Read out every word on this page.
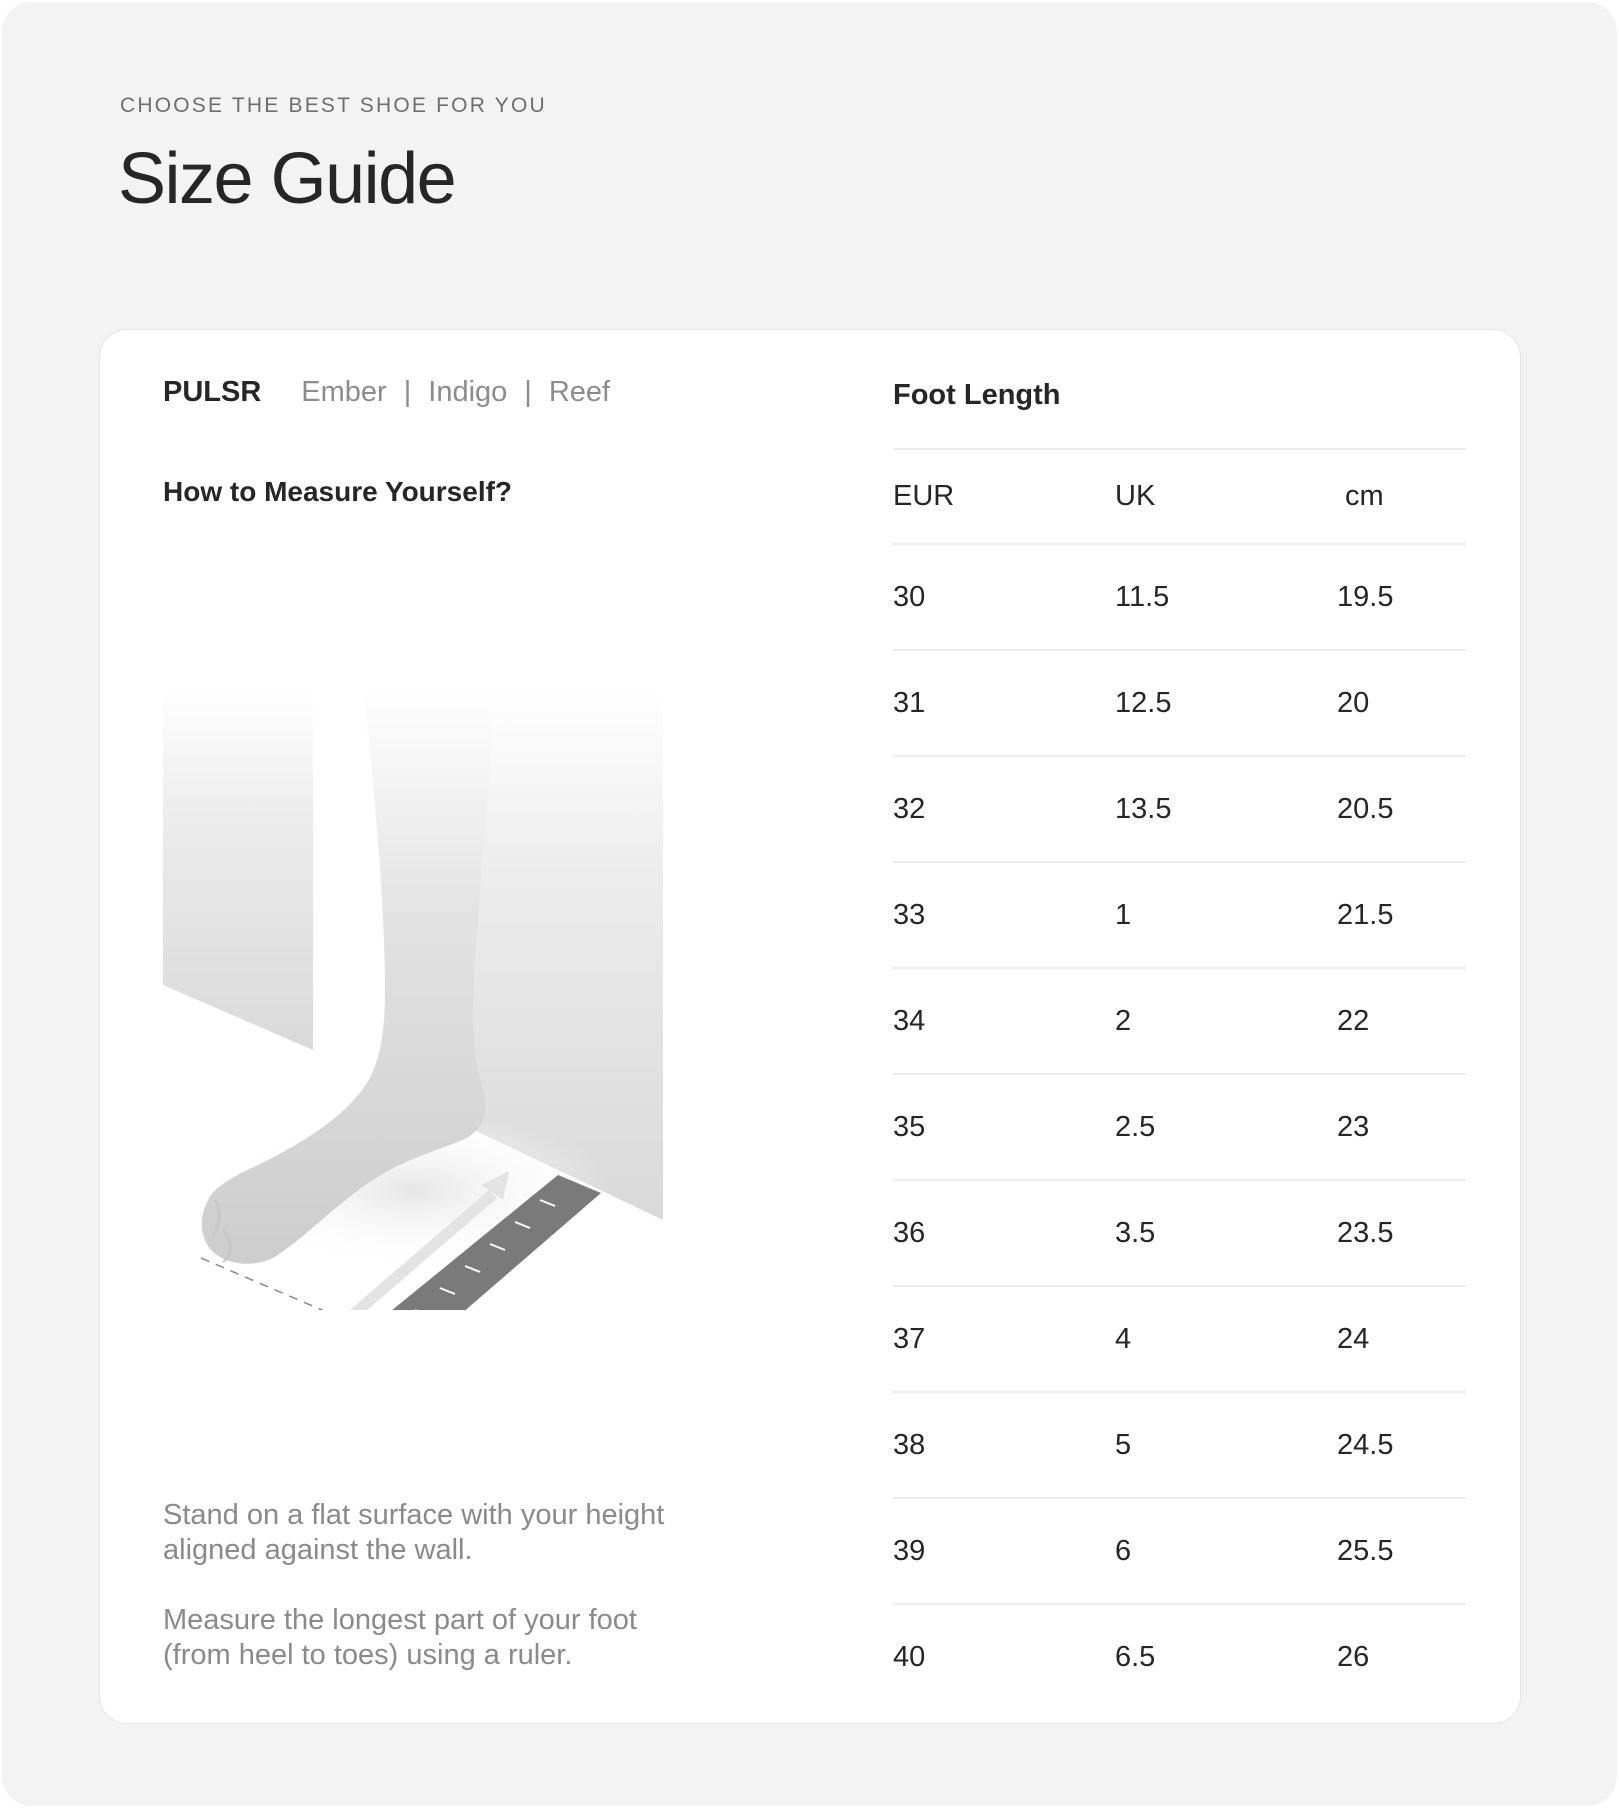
CHOOSE THE BEST SHOE FOR YOU
Size Guide
PULSR Ember | Indigo | Reef
How to Measure Yourself?

Stand on a flat surface with your height aligned against the wall.

Measure the longest part of your foot (from heel to toes) using a ruler.

Foot Length
EUR	UK	cm
30	11.5	19.5
31	12.5	20
32	13.5	20.5
33	1	21.5
34	2	22
35	2.5	23
36	3.5	23.5
37	4	24
38	5	24.5
39	6	25.5
40	6.5	26
